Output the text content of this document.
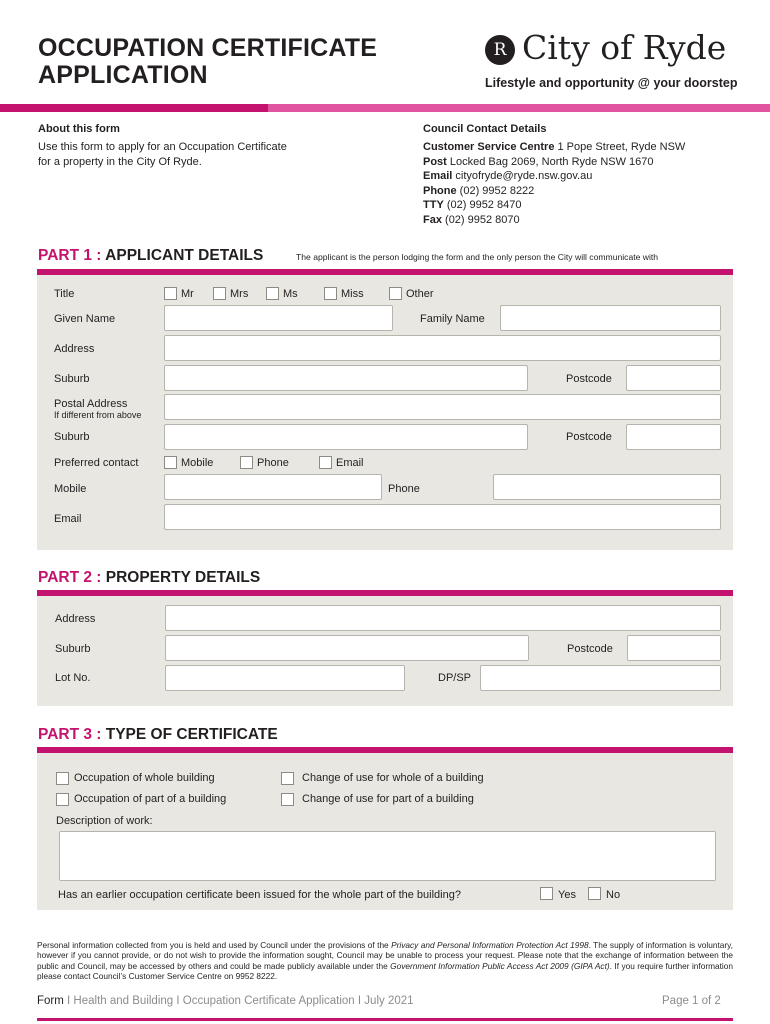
OCCUPATION CERTIFICATE
APPLICATION
R City of Ryde
Lifestyle and opportunity @ your doorstep
About this form
Use this form to apply for an Occupation Certificate
for a property in the City Of Ryde.
Council Contact Details
Customer Service Centre 1 Pope Street, Ryde NSW
Post Locked Bag 2069, North Ryde NSW 1670
Email cityofryde@ryde.nsw.gov.au
Phone (02) 9952 8222
TTY (02) 9952 8470
Fax (02) 9952 8070
PART 1 : APPLICANT DETAILS	The applicant is the person lodging the form and the only person the City will communicate with
Title	Mr	Mrs	Ms	Miss	Other
Given Name	Family Name
Address
Suburb	Postcode
Postal Address
If different from above
Suburb	Postcode
Preferred contact	Mobile	Phone	Email
Mobile	Phone
Email
PART 2 : PROPERTY DETAILS
Address
Suburb	Postcode
Lot No.	DP/SP
PART 3 : TYPE OF CERTIFICATE
Occupation of whole building
Occupation of part of a building
Change of use for whole of a building
Change of use for part of a building
Description of work:
Has an earlier occupation certificate been issued for the whole part of the building?	Yes	No
Personal information collected from you is held and used by Council under the provisions of the Privacy and Personal Information Protection Act 1998. The supply of information is voluntary, however if you cannot provide, or do not wish to provide the information sought, Council may be unable to process your request. Please note that the exchange of information between the public and Council, may be accessed by others and could be made publicly available under the Government Information Public Access Act 2009 (GIPA Act). If you require further information please contact Council’s Customer Service Centre on 9952 8222.
Form I Health and Building I Occupation Certificate Application I July 2021	Page 1 of 2
